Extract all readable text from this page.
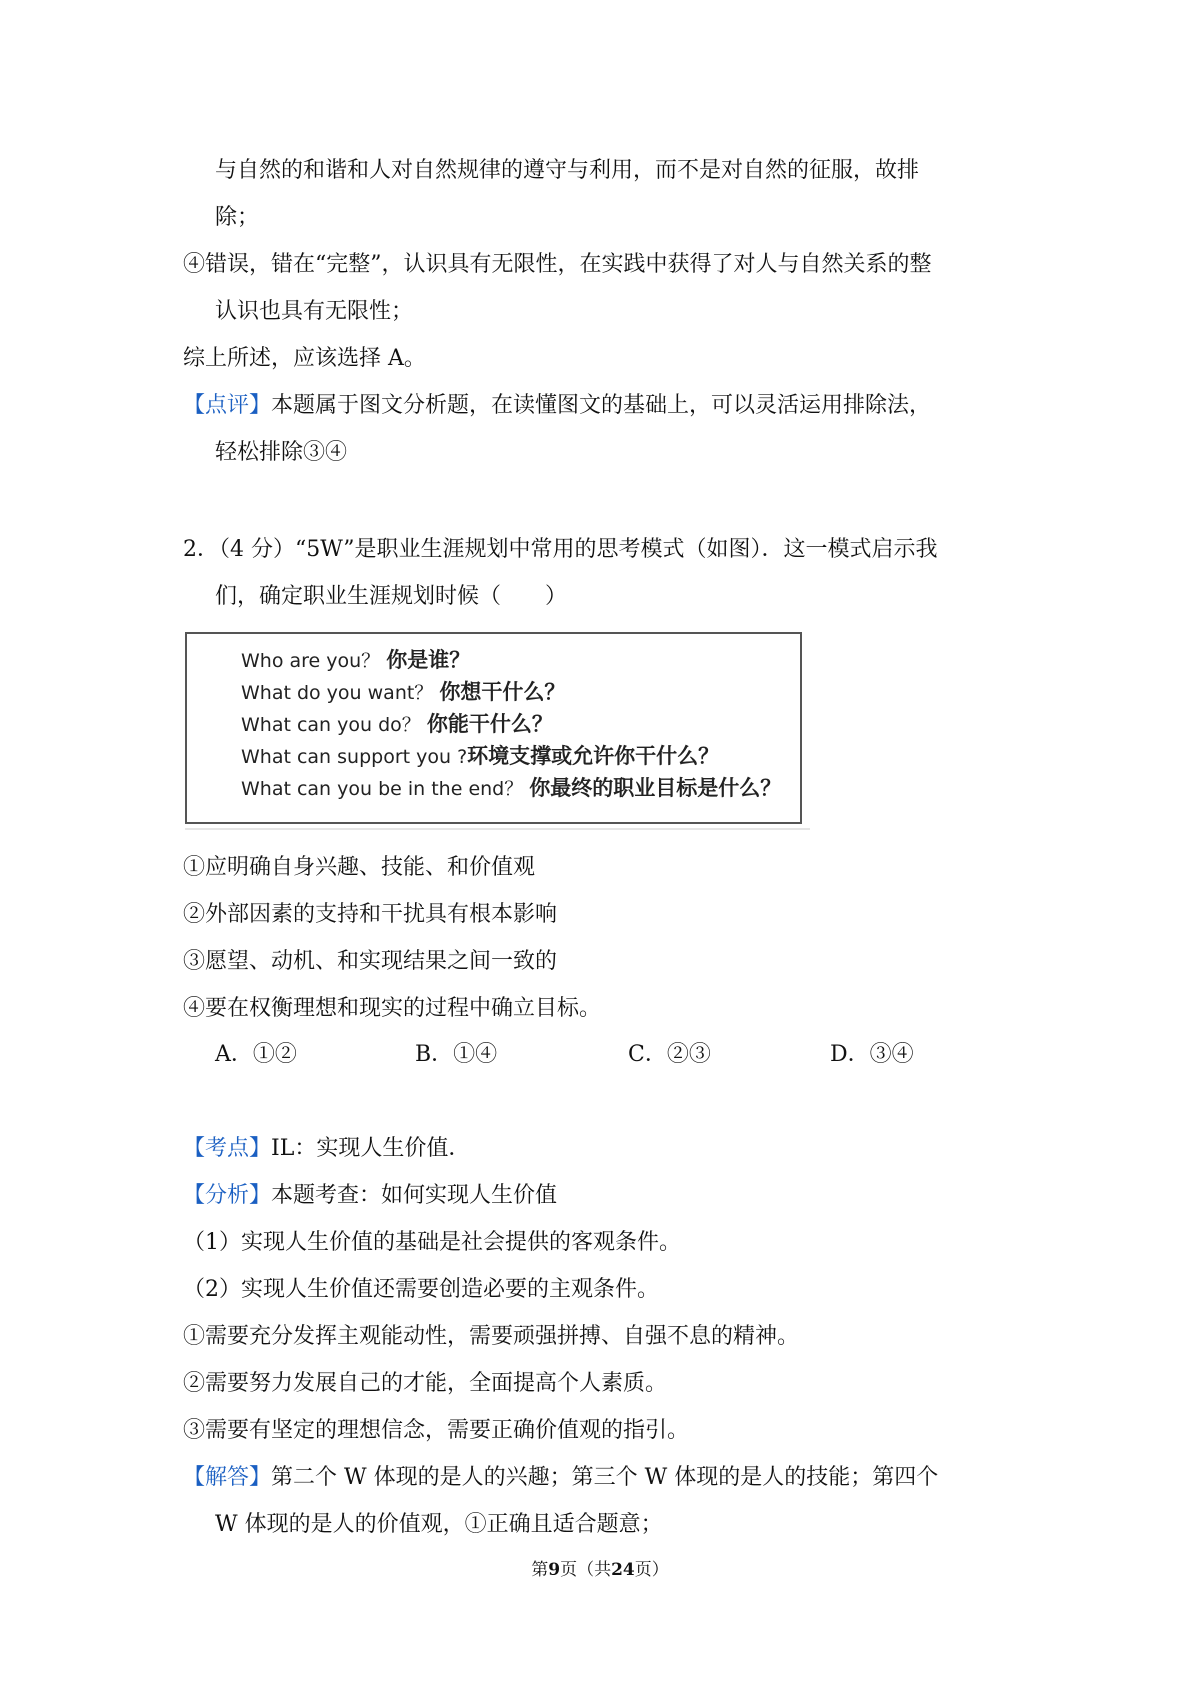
与自然的和谐和人对自然规律的遵守与利用，而不是对自然的征服，故排
除；
④错误，错在“完整”，认识具有无限性，在实践中获得了对人与自然关系的整
认识也具有无限性；
综上所述，应该选择 A。
【点评】本题属于图文分析题，在读懂图文的基础上，可以灵活运用排除法，
轻松排除③④
2．（4 分）“5W”是职业生涯规划中常用的思考模式（如图）．这一模式启示我
们，确定职业生涯规划时候（　　）
Who are you？ 你是谁？
What do you want？ 你想干什么？
What can you do？ 你能干什么？
What can support you ?环境支撑或允许你干什么？
What can you be in the end？ 你最终的职业目标是什么？
①应明确自身兴趣、技能、和价值观
②外部因素的支持和干扰具有根本影响
③愿望、动机、和实现结果之间一致的
④要在权衡理想和现实的过程中确立目标。
A．①②	B．①④	C．②③	D．③④
【考点】IL：实现人生价值．
【分析】本题考查：如何实现人生价值
（1）实现人生价值的基础是社会提供的客观条件。
（2）实现人生价值还需要创造必要的主观条件。
①需要充分发挥主观能动性，需要顽强拼搏、自强不息的精神。
②需要努力发展自己的才能，全面提高个人素质。
③需要有坚定的理想信念，需要正确价值观的指引。
【解答】第二个 W 体现的是人的兴趣；第三个 W 体现的是人的技能；第四个
W 体现的是人的价值观，①正确且适合题意；
第9页（共24页）
